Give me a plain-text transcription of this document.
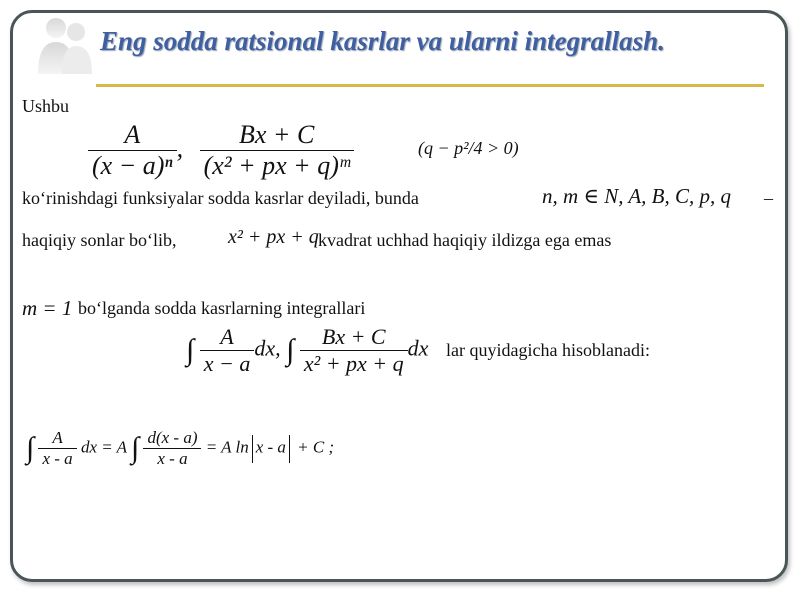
Eng sodda ratsional kasrlar va ularni integrallash.
Ushbu
$\frac{A}{\text{(x − a)ⁿ}}$ , $\frac{Bx + C}{\text{(x² + px + q)ᵐ}}$	(q − p²/4 > 0)
ko‘rinishdagi funksiyalar sodda kasrlar deyiladi, bunda	n, m ∈ N, A, B, C, p, q –
haqiqiy sonlar bo‘lib,	x² + px + q kvadrat uchhad haqiqiy ildizga ega emas
m = 1 bo‘lganda sodda kasrlarning integrallari
∫ $\frac{A}{x - a}$ dx, ∫ $\frac{Bx + C}{\text{x² + px + q}}$ dx lar quyidagicha hisoblanadi:
∫ $\frac{A}{x - a}$ dx = A ∫ $\frac{d(x - a)}{x - a} = A$ ln x - a + C ;
